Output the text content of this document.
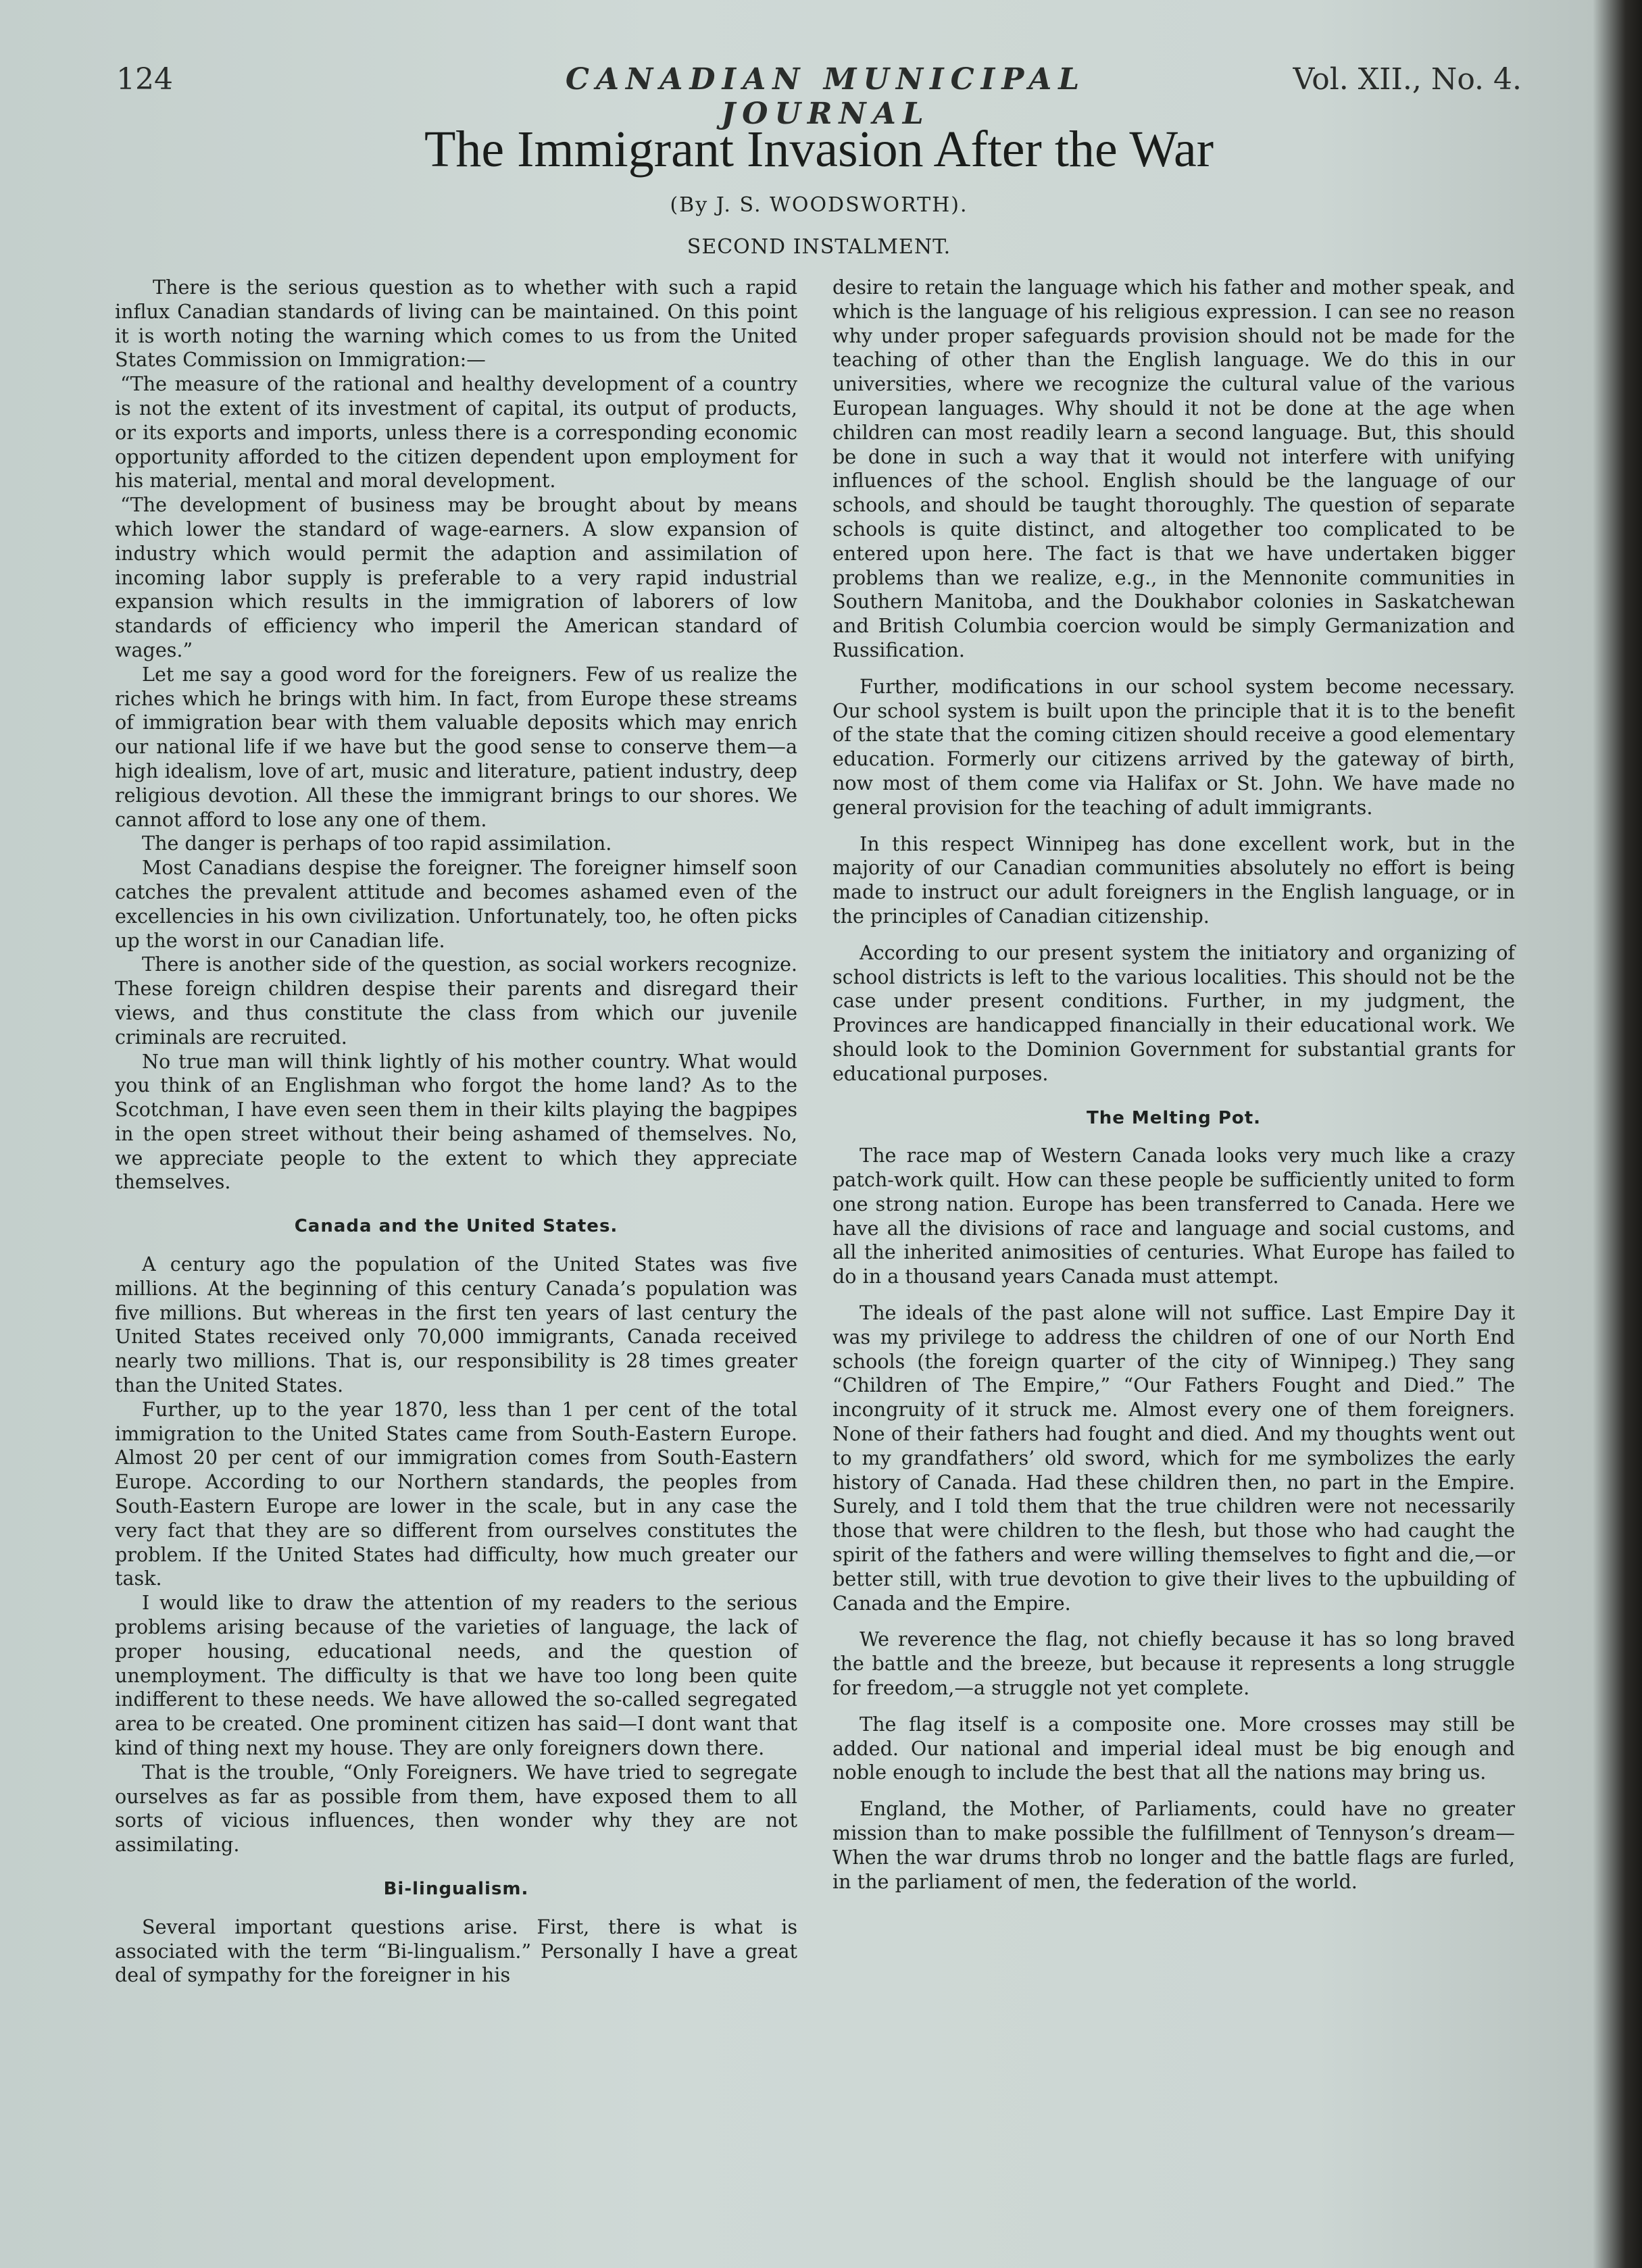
124	CANADIAN MUNICIPAL JOURNAL
Vol. XII., No. 4.
The Immigrant Invasion After the War
(By J. S. WOODSWORTH).
SECOND INSTALMENT.

There is the serious question as to whether with such a rapid influx Canadian standards of living can be maintained. On this point it is worth noting the warning which comes to us from the United States Commission on Immigration:—

“The measure of the rational and healthy development of a country is not the extent of its investment of capital, its output of products, or its exports and imports, unless there is a corresponding economic opportunity afforded to the citizen dependent upon employment for his material, mental and moral development.

“The development of business may be brought about by means which lower the standard of wage-earners. A slow expansion of industry which would permit the adaption and assimilation of incoming labor supply is preferable to a very rapid industrial expansion which results in the immigration of laborers of low standards of efficiency who imperil the American standard of wages.”

Let me say a good word for the foreigners. Few of us realize the riches which he brings with him. In fact, from Europe these streams of immigration bear with them valuable deposits which may enrich our national life if we have but the good sense to conserve them—a high idealism, love of art, music and literature, patient industry, deep religious devotion. All these the immigrant brings to our shores. We cannot afford to lose any one of them.

The danger is perhaps of too rapid assimilation.

Most Canadians despise the foreigner. The foreigner himself soon catches the prevalent attitude and becomes ashamed even of the excellencies in his own civilization. Unfortunately, too, he often picks up the worst in our Canadian life.

There is another side of the question, as social workers recognize. These foreign children despise their parents and disregard their views, and thus constitute the class from which our juvenile criminals are recruited.

No true man will think lightly of his mother country. What would you think of an Englishman who forgot the home land? As to the Scotchman, I have even seen them in their kilts playing the bagpipes in the open street without their being ashamed of themselves. No, we appreciate people to the extent to which they appreciate themselves.

Canada and the United States.

A century ago the population of the United States was five millions. At the beginning of this century Canada’s population was five millions. But whereas in the first ten years of last century the United States received only 70,000 immigrants, Canada received nearly two millions. That is, our responsibility is 28 times greater than the United States.

Further, up to the year 1870, less than 1 per cent of the total immigration to the United States came from South-Eastern Europe. Almost 20 per cent of our immigration comes from South-Eastern Europe. According to our Northern standards, the peoples from South-Eastern Europe are lower in the scale, but in any case the very fact that they are so different from ourselves constitutes the problem. If the United States had difficulty, how much greater our task.

I would like to draw the attention of my readers to the serious problems arising because of the varieties of language, the lack of proper housing, educational needs, and the question of unemployment. The difficulty is that we have too long been quite indifferent to these needs. We have allowed the so-called segregated area to be created. One prominent citizen has said—I dont want that kind of thing next my house. They are only foreigners down there.

That is the trouble, “Only Foreigners. We have tried to segregate ourselves as far as possible from them, have exposed them to all sorts of vicious influences, then wonder why they are not assimilating.

Bi-lingualism.

Several important questions arise. First, there is what is associated with the term “Bi-lingualism.” Personally I have a great deal of sympathy for the foreigner in his

desire to retain the language which his father and mother speak, and which is the language of his religious expression. I can see no reason why under proper safeguards provision should not be made for the teaching of other than the English language. We do this in our universities, where we recognize the cultural value of the various European languages. Why should it not be done at the age when children can most readily learn a second language. But, this should be done in such a way that it would not interfere with unifying influences of the school. English should be the language of our schools, and should be taught thoroughly. The question of separate schools is quite distinct, and altogether too complicated to be entered upon here. The fact is that we have undertaken bigger problems than we realize, e.g., in the Mennonite communities in Southern Manitoba, and the Doukhabor colonies in Saskatchewan and British Columbia coercion would be simply Germanization and Russification.

Further, modifications in our school system become necessary. Our school system is built upon the principle that it is to the benefit of the state that the coming citizen should receive a good elementary education. Formerly our citizens arrived by the gateway of birth, now most of them come via Halifax or St. John. We have made no general provision for the teaching of adult immigrants.

In this respect Winnipeg has done excellent work, but in the majority of our Canadian communities absolutely no effort is being made to instruct our adult foreigners in the English language, or in the principles of Canadian citizenship.

According to our present system the initiatory and organizing of school districts is left to the various localities. This should not be the case under present conditions. Further, in my judgment, the Provinces are handicapped financially in their educational work. We should look to the Dominion Government for substantial grants for educational purposes.

The Melting Pot.

The race map of Western Canada looks very much like a crazy patch-work quilt. How can these people be sufficiently united to form one strong nation. Europe has been transferred to Canada. Here we have all the divisions of race and language and social customs, and all the inherited animosities of centuries. What Europe has failed to do in a thousand years Canada must attempt.

The ideals of the past alone will not suffice. Last Empire Day it was my privilege to address the children of one of our North End schools (the foreign quarter of the city of Winnipeg.) They sang “Children of The Empire,” “Our Fathers Fought and Died.” The incongruity of it struck me. Almost every one of them foreigners. None of their fathers had fought and died. And my thoughts went out to my grandfathers’ old sword, which for me symbolizes the early history of Canada. Had these children then, no part in the Empire. Surely, and I told them that the true children were not necessarily those that were children to the flesh, but those who had caught the spirit of the fathers and were willing themselves to fight and die,—or better still, with true devotion to give their lives to the upbuilding of Canada and the Empire.

We reverence the flag, not chiefly because it has so long braved the battle and the breeze, but because it represents a long struggle for freedom,—a struggle not yet complete.

The flag itself is a composite one. More crosses may still be added. Our national and imperial ideal must be big enough and noble enough to include the best that all the nations may bring us.

England, the Mother, of Parliaments, could have no greater mission than to make possible the fulfillment of Tennyson’s dream—When the war drums throb no longer and the battle flags are furled, in the parliament of men, the federation of the world.
